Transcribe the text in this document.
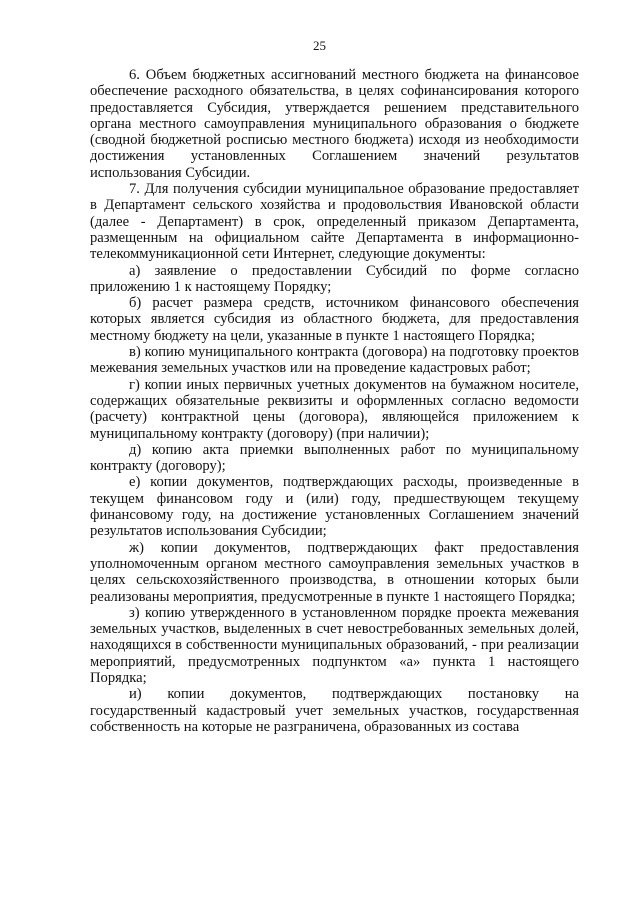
25

6. Объем бюджетных ассигнований местного бюджета на финансовое обеспечение расходного обязательства, в целях софинансирования которого предоставляется Субсидия, утверждается решением представительного органа местного самоуправления муниципального образования о бюджете (сводной бюджетной росписью местного бюджета) исходя из необходимости достижения установленных Соглашением значений результатов использования Субсидии.

7. Для получения субсидии муниципальное образование предоставляет в Департамент сельского хозяйства и продовольствия Ивановской области (далее - Департамент) в срок, определенный приказом Департамента, размещенным на официальном сайте Департамента в информационно-телекоммуникационной сети Интернет, следующие документы:

а) заявление о предоставлении Субсидий по форме согласно приложению 1 к настоящему Порядку;

б) расчет размера средств, источником финансового обеспечения которых является субсидия из областного бюджета, для предоставления местному бюджету на цели, указанные в пункте 1 настоящего Порядка;

в) копию муниципального контракта (договора) на подготовку проектов межевания земельных участков или на проведение кадастровых работ;

г) копии иных первичных учетных документов на бумажном носителе, содержащих обязательные реквизиты и оформленных согласно ведомости (расчету) контрактной цены (договора), являющейся приложением к муниципальному контракту (договору) (при наличии);

д) копию акта приемки выполненных работ по муниципальному контракту (договору);

е) копии документов, подтверждающих расходы, произведенные в текущем финансовом году и (или) году, предшествующем текущему финансовому году, на достижение установленных Соглашением значений результатов использования Субсидии;

ж) копии документов, подтверждающих факт предоставления уполномоченным органом местного самоуправления земельных участков в целях сельскохозяйственного производства, в отношении которых были реализованы мероприятия, предусмотренные в пункте 1 настоящего Порядка;

з) копию утвержденного в установленном порядке проекта межевания земельных участков, выделенных в счет невостребованных земельных долей, находящихся в собственности муниципальных образований, - при реализации мероприятий, предусмотренных подпунктом «а» пункта 1 настоящего Порядка;

и) копии документов, подтверждающих постановку на государственный кадастровый учет земельных участков, государственная собственность на которые не разграничена, образованных из состава
